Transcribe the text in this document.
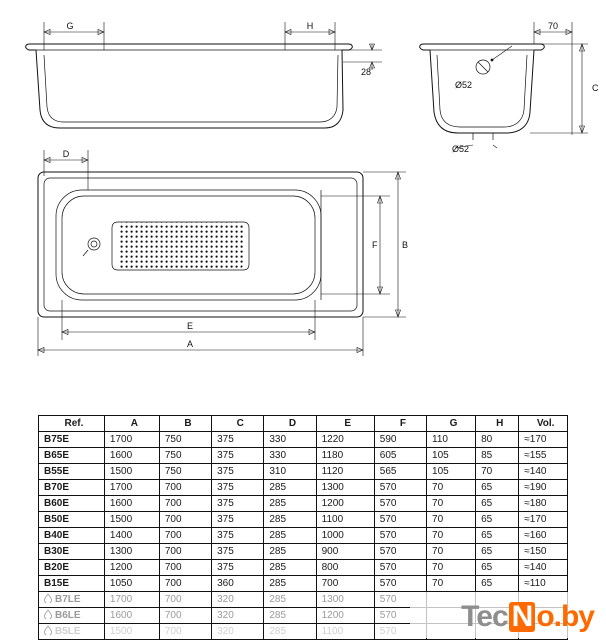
G	H
28
Ø52
Ø52
70
C
D
F	B
E
A
Ref.	A	B	C	D	E	F	G	H	Vol.
B75E	1700	750	375	330	1220	590	110	80	≈170
B65E	1600	750	375	330	1180	605	105	85	≈155
B55E	1500	750	375	310	1120	565	105	70	≈140
B70E	1700	700	375	285	1300	570	70	65	≈190
B60E	1600	700	375	285	1200	570	70	65	≈180
B50E	1500	700	375	285	1100	570	70	65	≈170
B40E	1400	700	375	285	1000	570	70	65	≈160
B30E	1300	700	375	285	900	570	70	65	≈150
B20E	1200	700	375	285	800	570	70	65	≈140
B15E	1050	700	360	285	700	570	70	65	≈110
B7LE	1700	700	320	285	1300	570			
B6LE	1600	700	320	285	1200	570			
B5LE	1500	700	320	285	1100	570			Tec N o.by
